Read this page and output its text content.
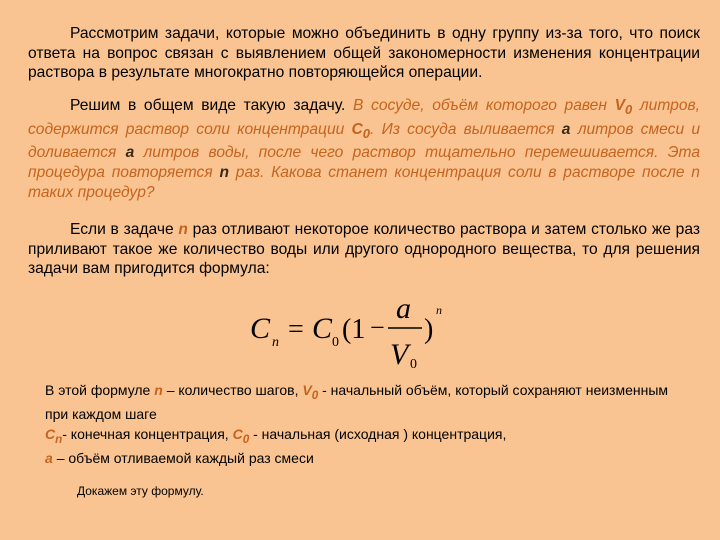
Рассмотрим задачи, которые можно объединить в одну группу из-за того, что поиск ответа на вопрос связан с выявлением общей закономерности изменения концентрации раствора в результате многократно повторяющейся операции.
Решим в общем виде такую задачу. В сосуде, объём которого равен $V_0$ литров, содержится раствор соли концентрации $C_0$. Из сосуда выливается a литров смеси и доливается a литров воды, после чего раствор тщательно перемешивается. Эта процедура повторяется n раз. Какова станет концентрация соли в растворе после n таких процедур?
Если в задаче n раз отливают некоторое количество раствора и затем столько же раз приливают такое же количество воды или другого однородного вещества, то для решения задачи вам пригодится формула:
C n = C 0 (1 −
a
V 0
)
n
В этой формуле n – количество шагов, $V_0$ - начальный объём, который сохраняют неизменным при каждом шаге
$C_n-$ конечная концентрация, $C_0$ - начальная (исходная ) концентрация,
a – объём отливаемой каждый раз смеси
Докажем эту формулу.
